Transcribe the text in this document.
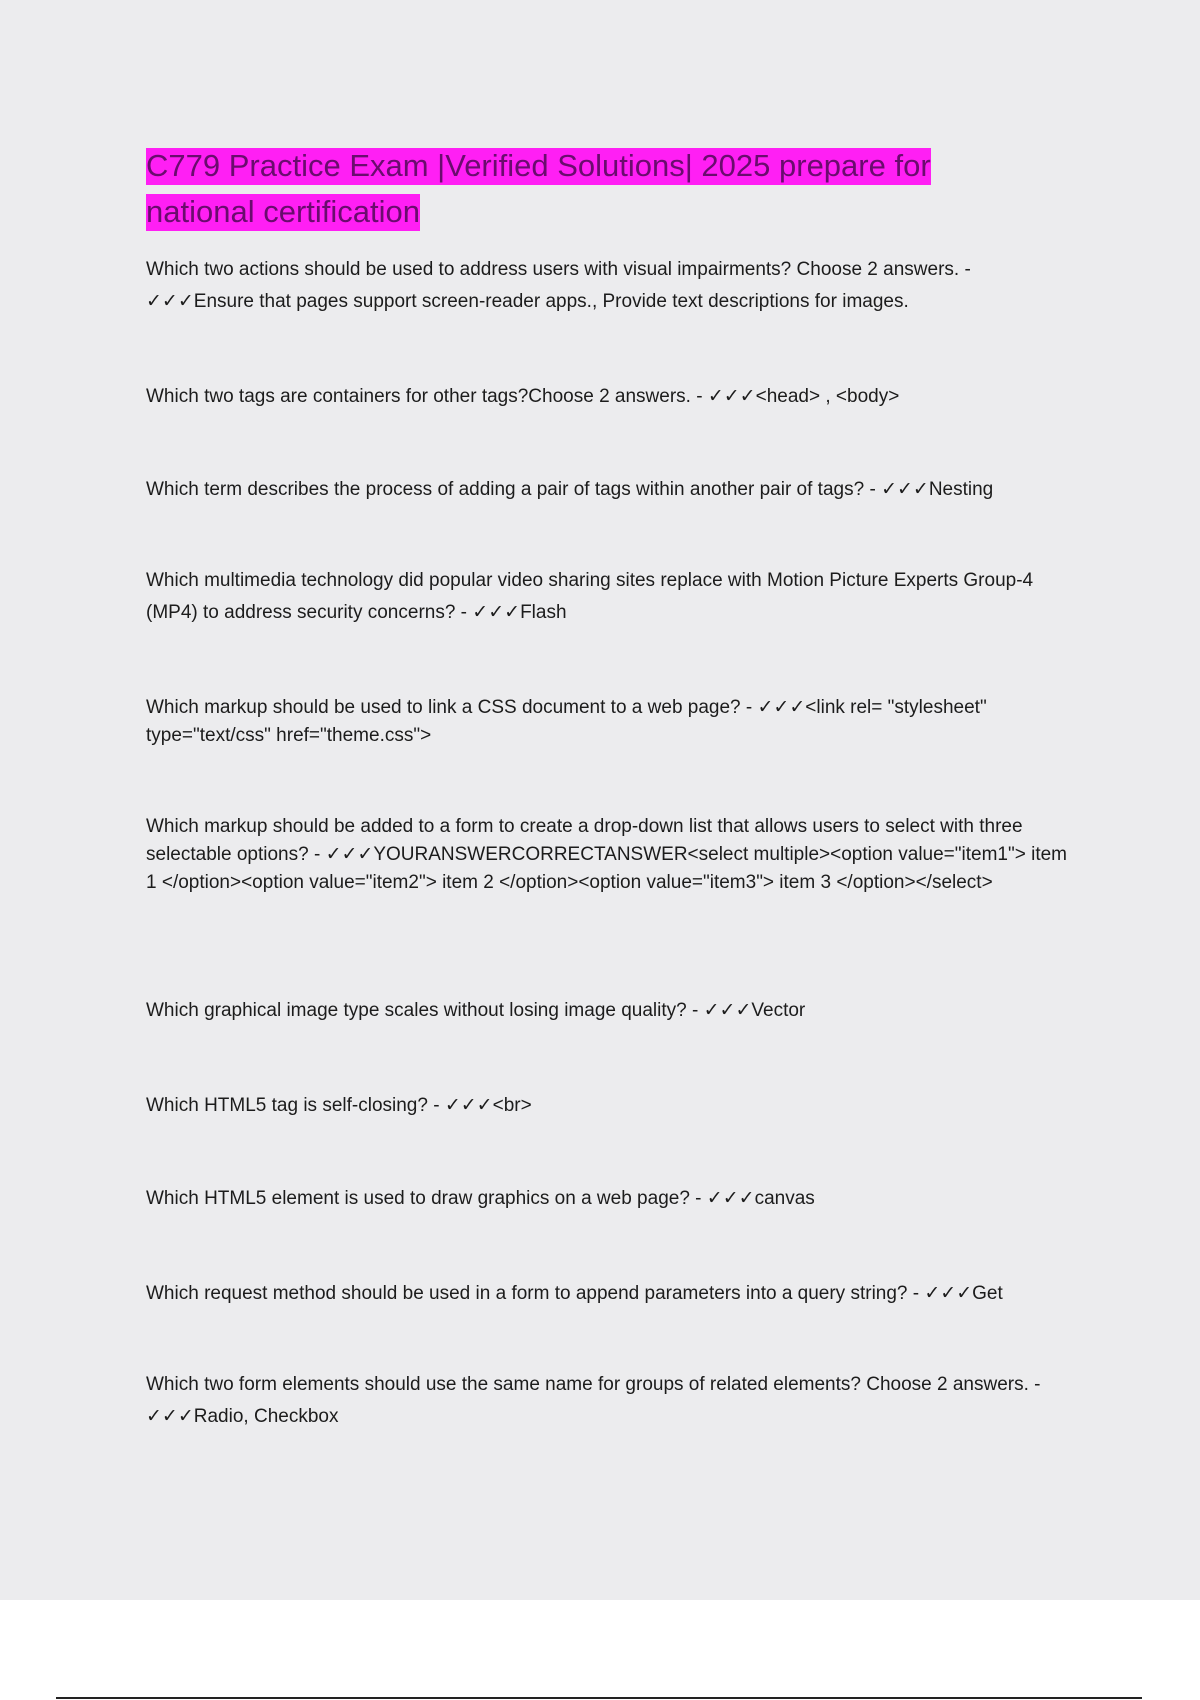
C779 Practice Exam |Verified Solutions| 2025 prepare for national certification
Which two actions should be used to address users with visual impairments? Choose 2 answers. - ✓✓✓Ensure that pages support screen-reader apps., Provide text descriptions for images.
Which two tags are containers for other tags?Choose 2 answers. - ✓✓✓<head> , <body>
Which term describes the process of adding a pair of tags within another pair of tags? - ✓✓✓Nesting
Which multimedia technology did popular video sharing sites replace with Motion Picture Experts Group-4 (MP4) to address security concerns? - ✓✓✓Flash
Which markup should be used to link a CSS document to a web page? - ✓✓✓<link rel= "stylesheet" type="text/css" href="theme.css">
Which markup should be added to a form to create a drop-down list that allows users to select with three selectable options? - ✓✓✓YOURANSWERCORRECTANSWER<select multiple><option value="item1"> item 1 </option><option value="item2"> item 2 </option><option value="item3"> item 3 </option></select>
Which graphical image type scales without losing image quality? - ✓✓✓Vector
Which HTML5 tag is self-closing? - ✓✓✓<br>
Which HTML5 element is used to draw graphics on a web page? - ✓✓✓canvas
Which request method should be used in a form to append parameters into a query string? - ✓✓✓Get
Which two form elements should use the same name for groups of related elements? Choose 2 answers. - ✓✓✓Radio, Checkbox
